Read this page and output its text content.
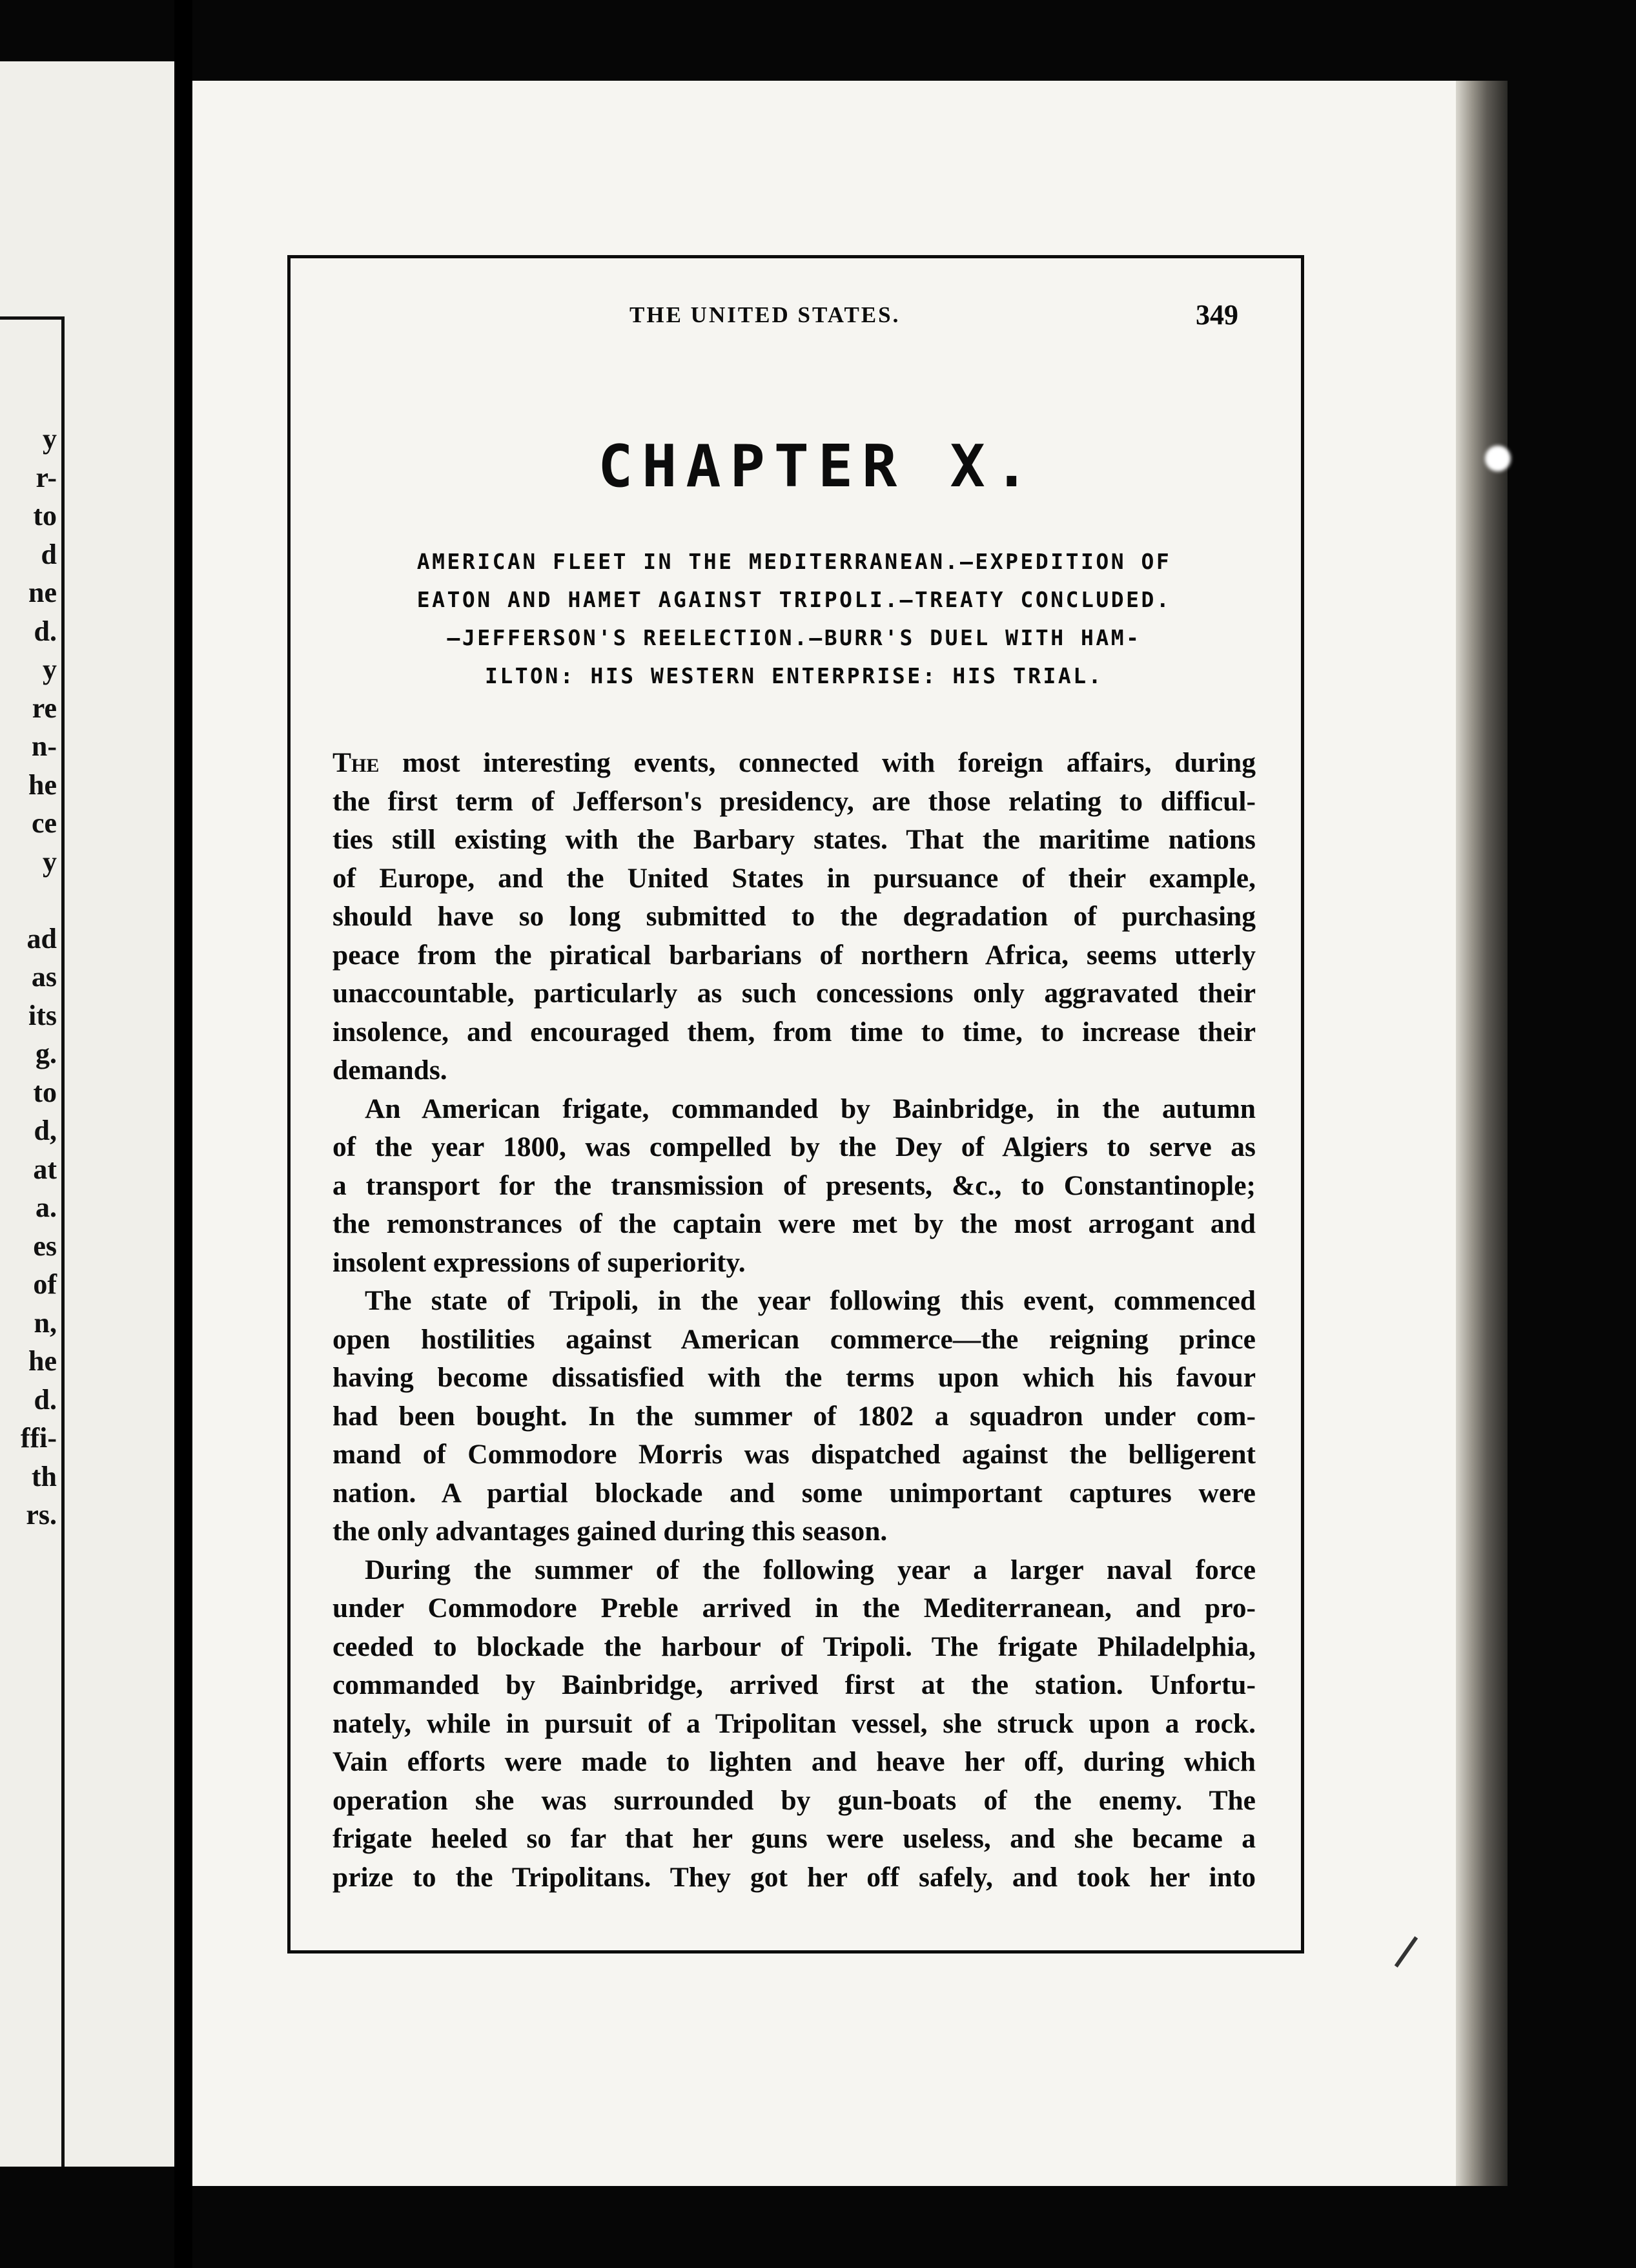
y
r-
to
d
ne
d.
y
re
n-
he
ce
y
ad
as
its
g.
to
d,
at
a.
es
of
n,
he
d.
ffi-
th
rs.
THE UNITED STATES.	349
CHAPTER X.
AMERICAN FLEET IN THE MEDITERRANEAN.—EXPEDITION OF
EATON AND HAMET AGAINST TRIPOLI.—TREATY CONCLUDED.
—JEFFERSON'S REELECTION.—BURR'S DUEL WITH HAM-
ILTON: HIS WESTERN ENTERPRISE: HIS TRIAL.
The most interesting events, connected with foreign affairs, during
the first term of Jefferson's presidency, are those relating to difficul-
ties still existing with the Barbary states. That the maritime nations
of Europe, and the United States in pursuance of their example,
should have so long submitted to the degradation of purchasing
peace from the piratical barbarians of northern Africa, seems utterly
unaccountable, particularly as such concessions only aggravated their
insolence, and encouraged them, from time to time, to increase their
demands.
An American frigate, commanded by Bainbridge, in the autumn
of the year 1800, was compelled by the Dey of Algiers to serve as
a transport for the transmission of presents, &c., to Constantinople;
the remonstrances of the captain were met by the most arrogant and
insolent expressions of superiority.
The state of Tripoli, in the year following this event, commenced
open hostilities against American commerce—the reigning prince
having become dissatisfied with the terms upon which his favour
had been bought. In the summer of 1802 a squadron under com-
mand of Commodore Morris was dispatched against the belligerent
nation. A partial blockade and some unimportant captures were
the only advantages gained during this season.
During the summer of the following year a larger naval force
under Commodore Preble arrived in the Mediterranean, and pro-
ceeded to blockade the harbour of Tripoli. The frigate Philadelphia,
commanded by Bainbridge, arrived first at the station. Unfortu-
nately, while in pursuit of a Tripolitan vessel, she struck upon a rock.
Vain efforts were made to lighten and heave her off, during which
operation she was surrounded by gun-boats of the enemy. The
frigate heeled so far that her guns were useless, and she became a
prize to the Tripolitans. They got her off safely, and took her into
